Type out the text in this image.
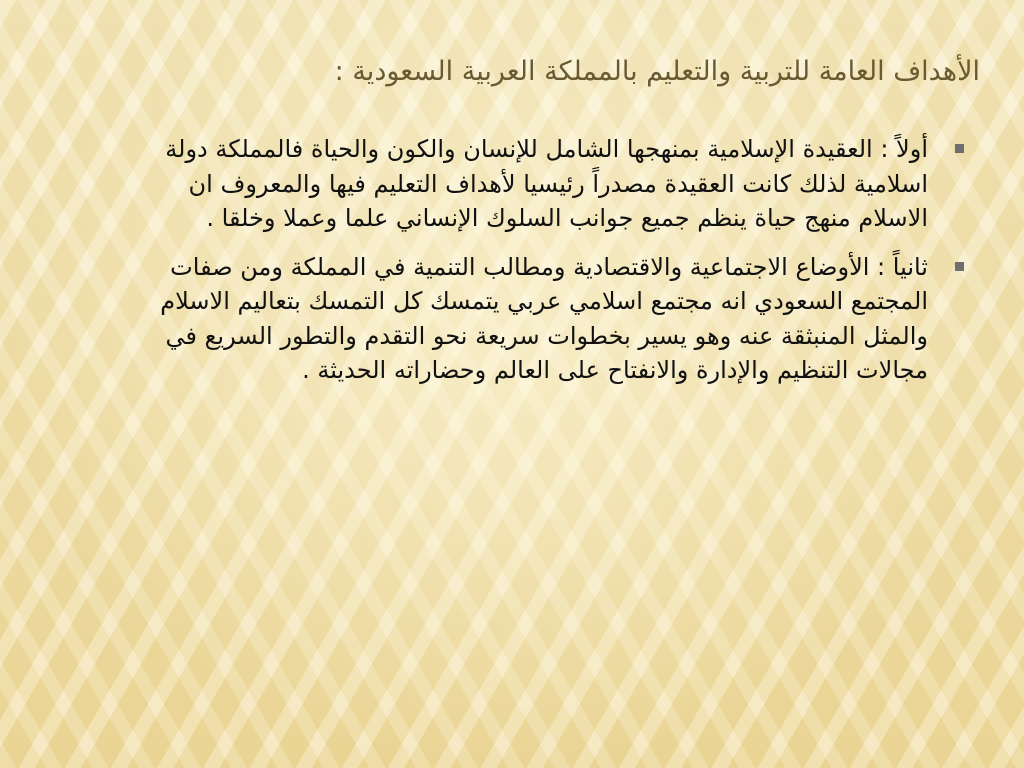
الأهداف العامة للتربية والتعليم بالمملكة العربية السعودية :

أولاً : العقيدة الإسلامية بمنهجها الشامل للإنسان والكون والحياة فالمملكة دولة اسلامية لذلك كانت العقيدة مصدراً رئيسيا لأهداف التعليم فيها والمعروف ان الاسلام منهج حياة ينظم جميع جوانب السلوك الإنساني علما وعملا وخلقا .

ثانياً : الأوضاع الاجتماعية والاقتصادية ومطالب التنمية في المملكة ومن صفات المجتمع السعودي انه مجتمع اسلامي عربي يتمسك كل التمسك بتعاليم الاسلام والمثل المنبثقة عنه وهو يسير بخطوات سريعة نحو التقدم والتطور السريع في مجالات التنظيم والإدارة والانفتاح على العالم وحضاراته الحديثة .
